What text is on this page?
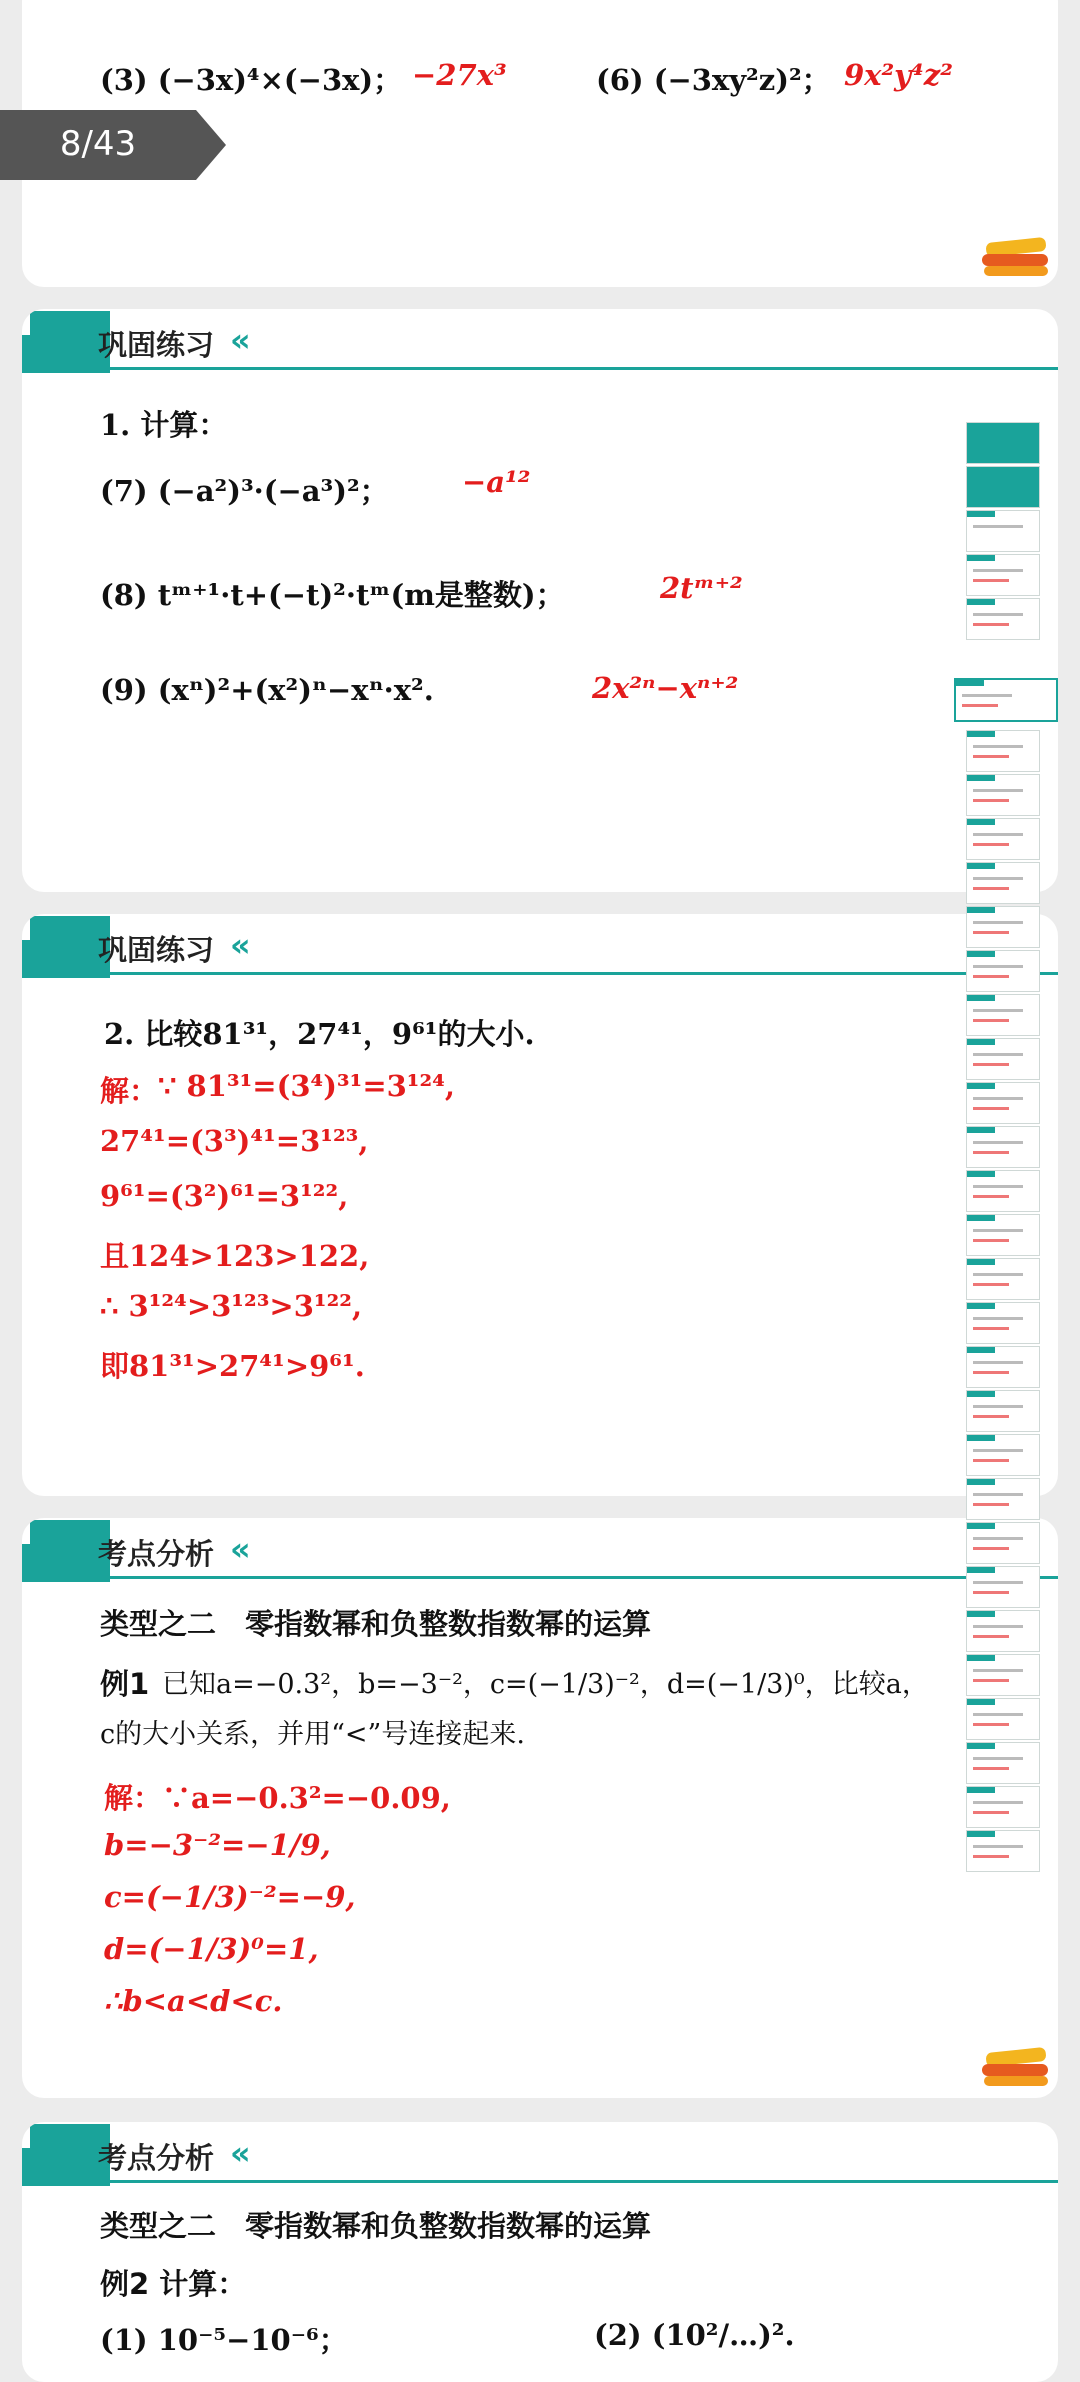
(3) (−3x)⁴×(−3x)； −27x³	(6) (−3xy²z)²； 9x²y⁴z²
8/43
巩固练习 «
1. 计算：
(7) (−a²)³·(−a³)²；	−a¹²
(8) tᵐ⁺¹·t+(−t)²·tᵐ(m是整数)；	2tᵐ⁺²
(9) (xⁿ)²+(x²)ⁿ−xⁿ·x².	2x²ⁿ−xⁿ⁺²
巩固练习 «
2. 比较81³¹，27⁴¹，9⁶¹的大小.
解： ∵ 81³¹=(3⁴)³¹=3¹²⁴,
27⁴¹=(3³)⁴¹=3¹²³,
9⁶¹=(3²)⁶¹=3¹²²,
且124>123>122,
∴ 3¹²⁴>3¹²³>3¹²²,
即81³¹>27⁴¹>9⁶¹.
考点分析 «
类型之二　零指数幂和负整数指数幂的运算
例1 已知a=−0.3²，b=−3⁻²，c=(−1/3)⁻²，d=(−1/3)⁰，比较a，
c的大小关系，并用“<”号连接起来.
解：∵a=−0.3²=−0.09,
b=−3⁻²=−1/9,
c=(−1/3)⁻²=−9,
d=(−1/3)⁰=1,
∴b<a<d<c.
考点分析 «
类型之二　零指数幂和负整数指数幂的运算
例2 计算：
(1) 10⁻⁵−10⁻⁶；	(2) (10²/…)².
